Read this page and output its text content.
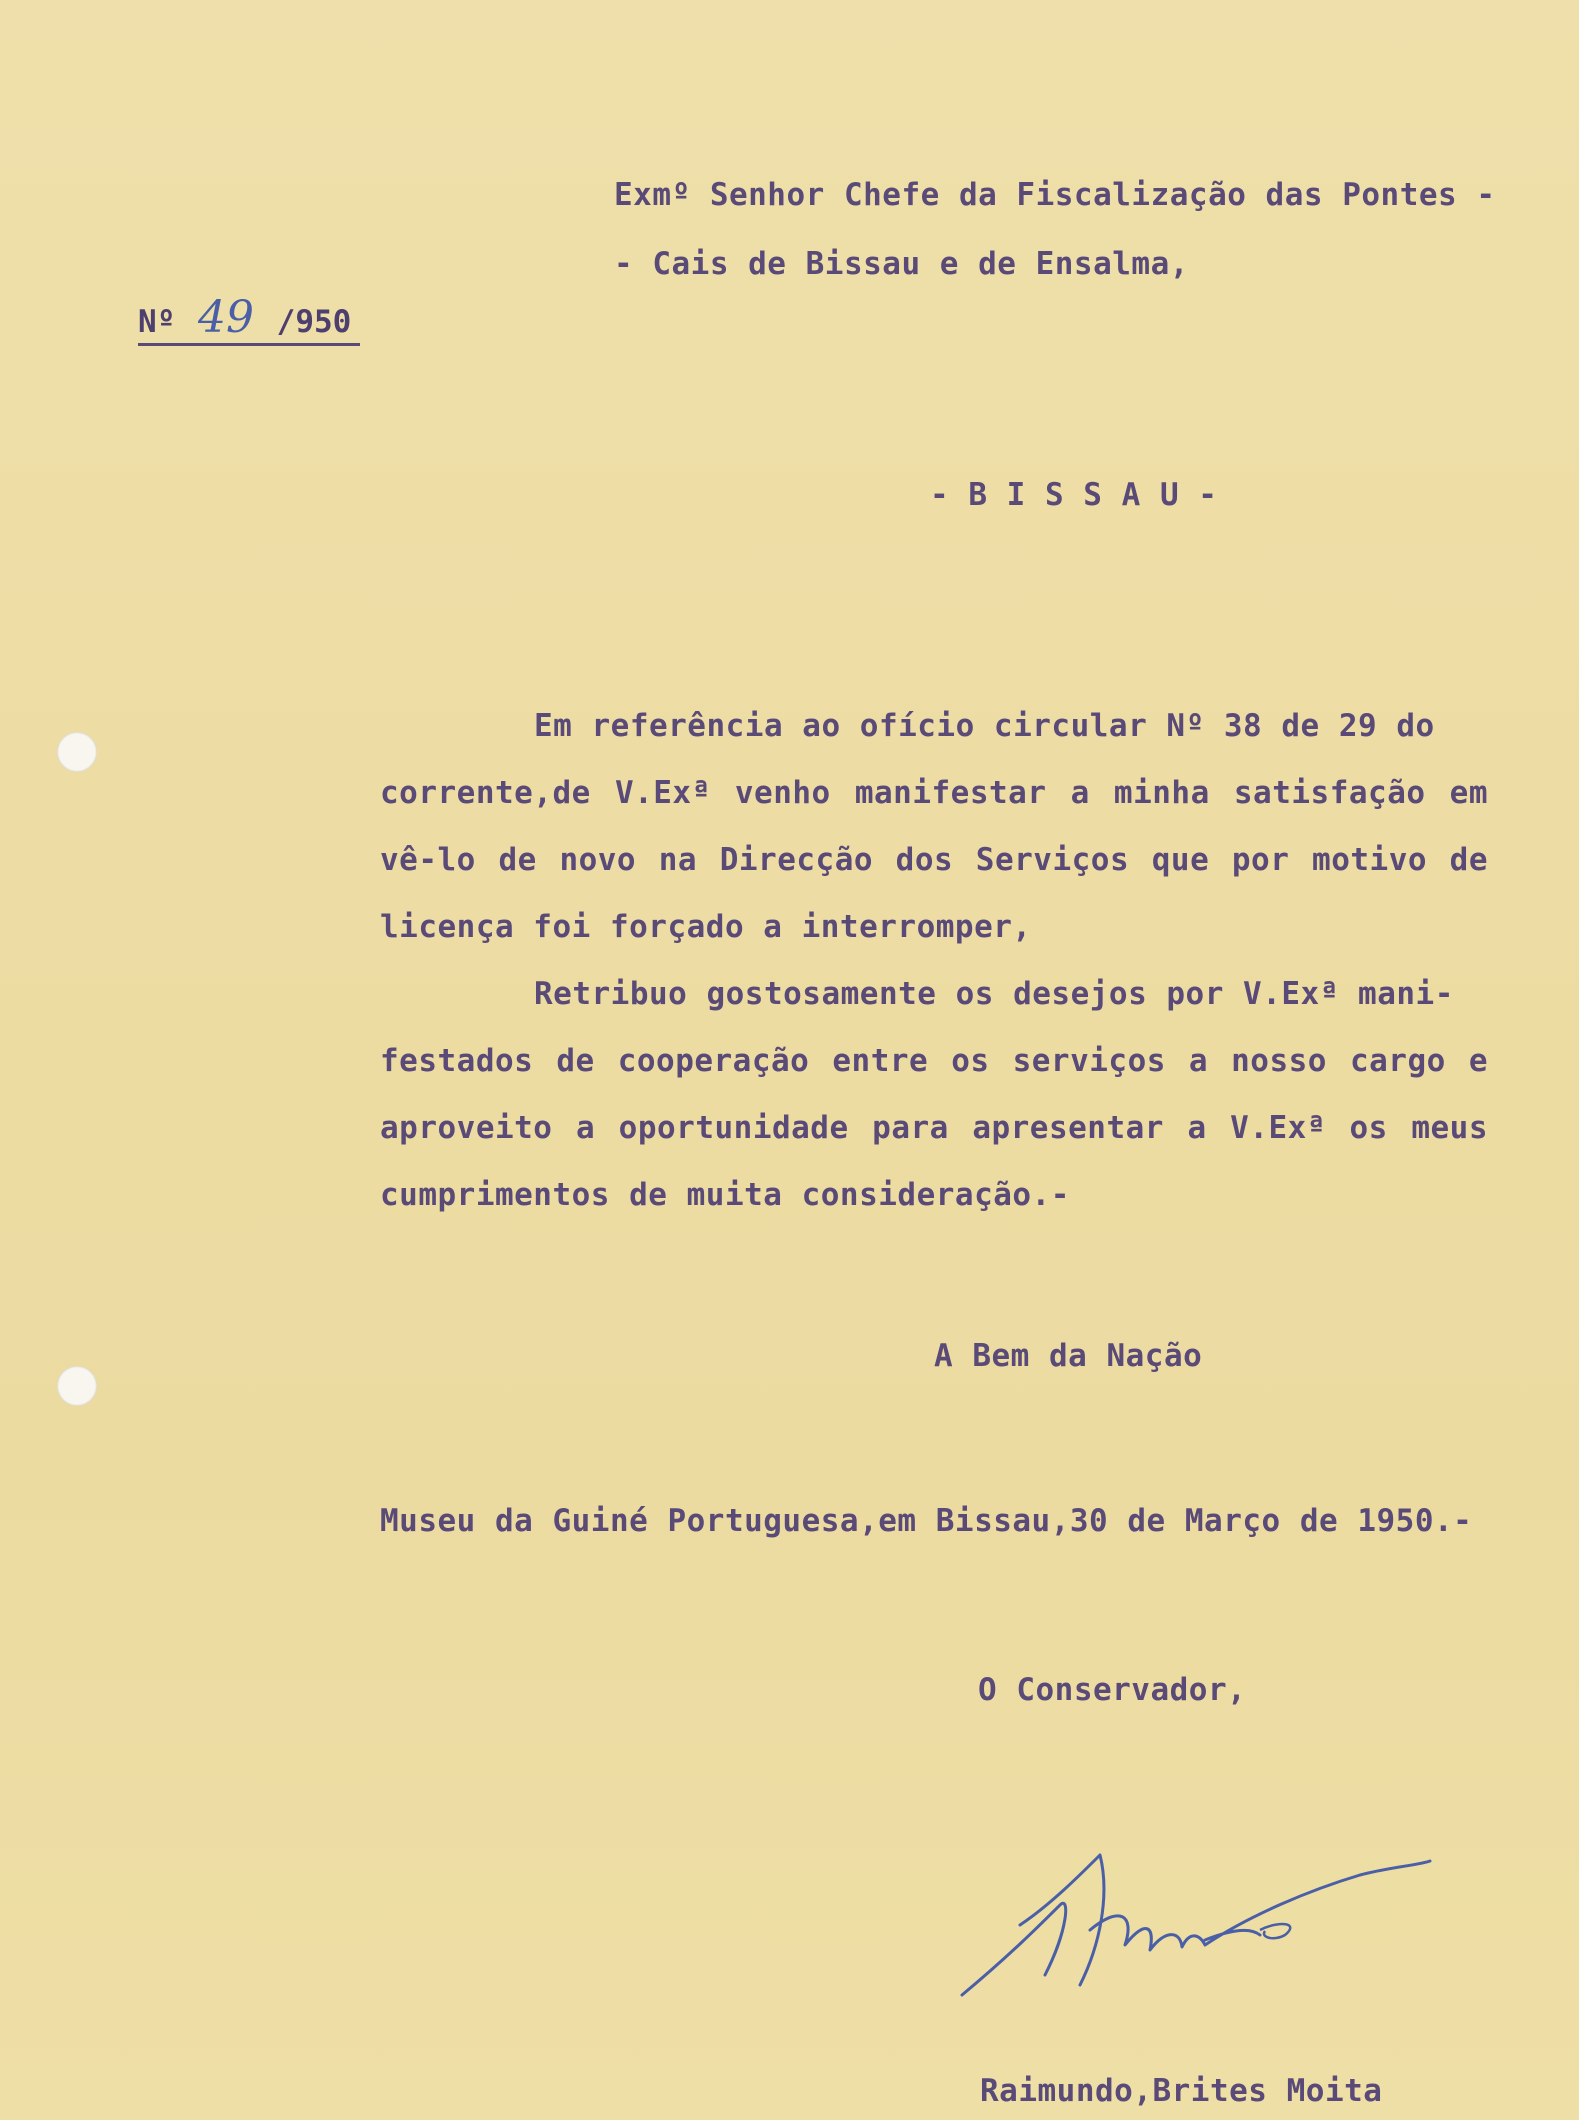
Exmº Senhor Chefe da Fiscalização das Pontes -
- Cais de Bissau e de Ensalma,
Nº 49 /950
- B I S S A U -
Em referência ao ofício circular Nº 38 de 29 do
corrente,de V.Exª venho manifestar a minha satisfação em
vê-lo de novo na Direcção dos Serviços que por motivo de
licença foi forçado a interromper,
Retribuo gostosamente os desejos por V.Exª mani-
festados de cooperação entre os serviços a nosso cargo e
aproveito a oportunidade para apresentar a V.Exª os meus
cumprimentos de muita consideração.-
A Bem da Nação
Museu da Guiné Portuguesa,em Bissau,30 de Março de 1950.-
O Conservador,
Raimundo,Brites Moita
